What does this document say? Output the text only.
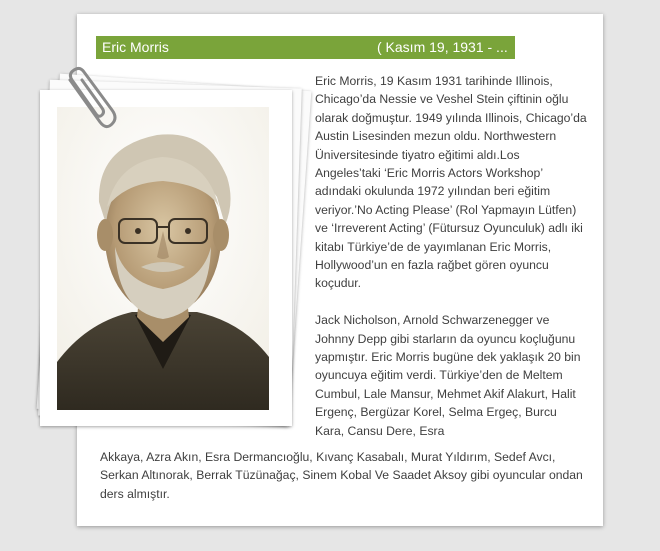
Eric Morris	( Kasım 19, 1931 - ... )

Eric Morris, 19 Kasım 1931 tarihinde Illinois, Chicago’da Nessie ve Veshel Stein çiftinin oğlu olarak doğmuştur. 1949 yılında Illinois, Chicago’da Austin Lisesinden mezun oldu. Northwestern Üniversitesinde tiyatro eğitimi aldı.Los Angeles’taki ‘Eric Morris Actors Workshop’ adındaki okulunda 1972 yılından beri eğitim veriyor.’No Acting Please’ (Rol Yapmayın Lütfen) ve ‘Irreverent Acting’ (Fütursuz Oyunculuk) adlı iki kitabı Türkiye’de de yayımlanan Eric Morris, Hollywood’un en fazla rağbet gören oyuncu koçudur.

Jack Nicholson, Arnold Schwarzenegger ve Johnny Depp gibi starların da oyuncu koçluğunu yapmıştır. Eric Morris bugüne dek yaklaşık 20 bin oyuncuya eğitim verdi. Türkiye’den de Meltem Cumbul, Lale Mansur, Mehmet Akif Alakurt, Halit Ergenç, Bergüzar Korel, Selma Ergeç, Burcu Kara, Cansu Dere, Esra

Akkaya, Azra Akın, Esra Dermancıoğlu, Kıvanç Kasabalı, Murat Yıldırım, Sedef Avcı, Serkan Altınorak, Berrak Tüzünağaç, Sinem Kobal Ve Saadet Aksoy gibi oyuncular ondan ders almıştır.
